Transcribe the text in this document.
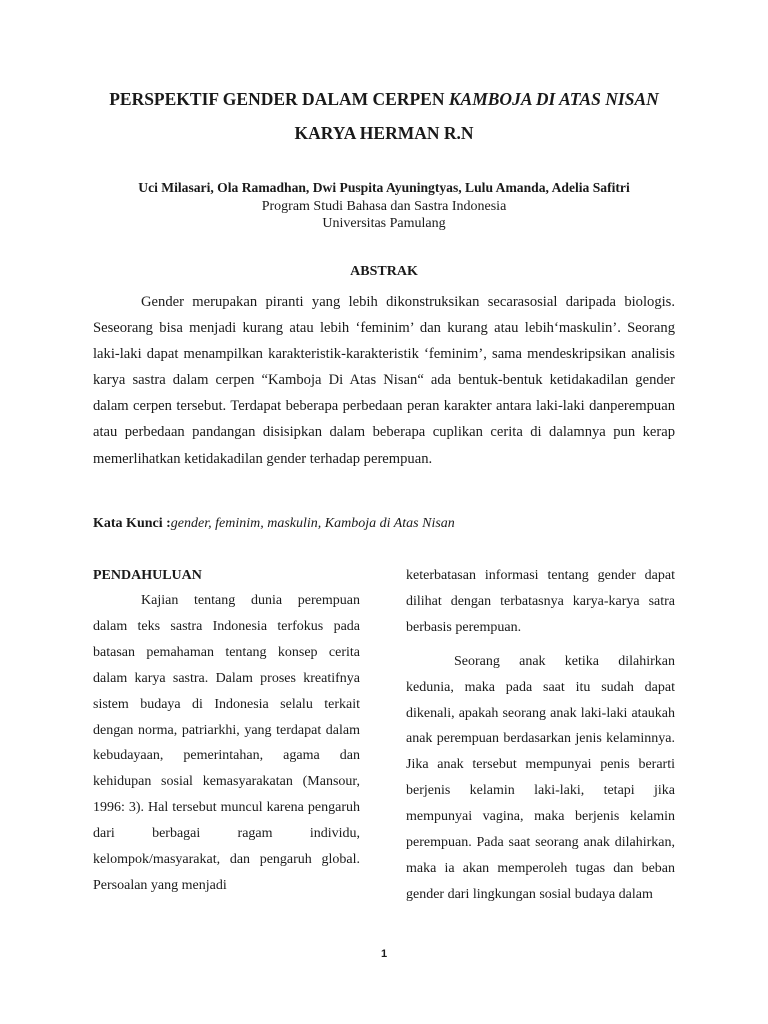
PERSPEKTIF GENDER DALAM CERPEN KAMBOJA DI ATAS NISAN
KARYA HERMAN R.N
Uci Milasari, Ola Ramadhan, Dwi Puspita Ayuningtyas, Lulu Amanda, Adelia Safitri
Program Studi Bahasa dan Sastra Indonesia
Universitas Pamulang
ABSTRAK

Gender merupakan piranti yang lebih dikonstruksikan secarasosial daripada biologis. Seseorang bisa menjadi kurang atau lebih ‘feminim’ dan kurang atau lebih‘maskulin’. Seorang laki-laki dapat menampilkan karakteristik-karakteristik ‘feminim’, sama mendeskripsikan analisis karya sastra dalam cerpen “Kamboja Di Atas Nisan“ ada bentuk-bentuk ketidakadilan gender dalam cerpen tersebut. Terdapat beberapa perbedaan peran karakter antara laki-laki danperempuan atau perbedaan pandangan disisipkan dalam beberapa cuplikan cerita di dalamnya pun kerap memerlihatkan ketidakadilan gender terhadap perempuan.

Kata Kunci :gender, feminim, maskulin, Kamboja di Atas Nisan
PENDAHULUAN

Kajian tentang dunia perempuan dalam teks sastra Indonesia terfokus pada batasan pemahaman tentang konsep cerita dalam karya sastra. Dalam proses kreatifnya sistem budaya di Indonesia selalu terkait dengan norma, patriarkhi, yang terdapat dalam kebudayaan, pemerintahan, agama dan kehidupan sosial kemasyarakatan (Mansour, 1996: 3). Hal tersebut muncul karena pengaruh dari berbagai ragam individu, kelompok/masyarakat, dan pengaruh global. Persoalan yang menjadi

keterbatasan informasi tentang gender dapat dilihat dengan terbatasnya karya-karya satra berbasis perempuan.

Seorang anak ketika dilahirkan kedunia, maka pada saat itu sudah dapat dikenali, apakah seorang anak laki-laki ataukah anak perempuan berdasarkan jenis kelaminnya. Jika anak tersebut mempunyai penis berarti berjenis kelamin laki-laki, tetapi jika mempunyai vagina, maka berjenis kelamin perempuan. Pada saat seorang anak dilahirkan, maka ia akan memperoleh tugas dan beban gender dari lingkungan sosial budaya dalam

1
